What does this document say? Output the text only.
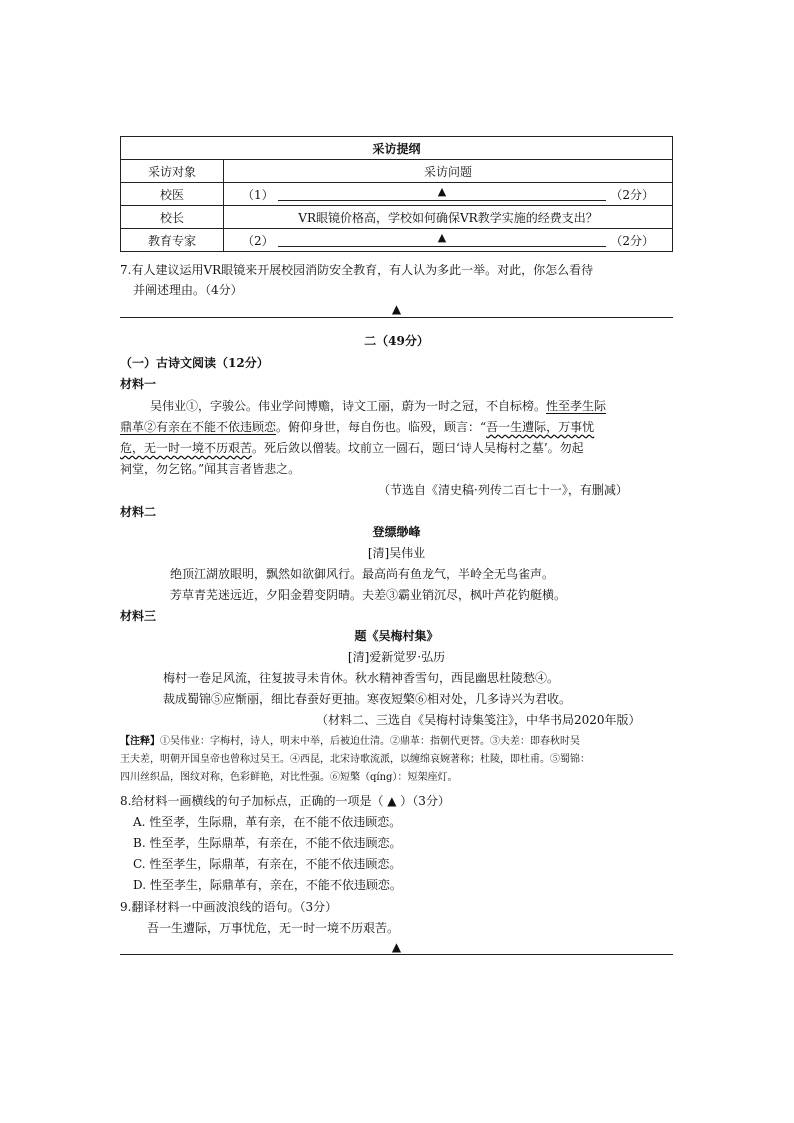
采访提纲	
采访对象	采访问题
校医	（1） ▲ （2分）

校长	VR眼镜价格高，学校如何确保VR教学实施的经费支出？
教育专家	（2） ▲ （2分）
7.有人建议运用VR眼镜来开展校园消防安全教育，有人认为多此一举。对此，你怎么看待
并阐述理由。（4分）
▲
二（49分）
（一）古诗文阅读（12分）
材料一
吴伟业①，字骏公。伟业学问博赡，诗文工丽，蔚为一时之冠，不自标榜。性至孝生际
鼎革②有亲在不能不依违顾恋。俯仰身世，每自伤也。临殁，顾言：“吾一生遭际，万事忧
危，无一时一境不历艰苦。死后敛以僧装。坟前立一圆石，题曰‘诗人吴梅村之墓’。勿起
祠堂，勿乞铭。”闻其言者皆悲之。
（节选自《清史稿·列传二百七十一》，有删减）
材料二
登缥缈峰
[清]吴伟业
绝顶江湖放眼明，飘然如欲御风行。最高尚有鱼龙气，半岭全无鸟雀声。
芳草青芜迷远近，夕阳金碧变阴晴。夫差③霸业销沉尽，枫叶芦花钓艇横。
材料三
题《吴梅村集》
[清]爱新觉罗·弘历
梅村一卷足风流，往复披寻未肯休。秋水精神香雪句，西昆幽思杜陵愁④。
裁成蜀锦⑤应惭丽，细比春蚕好更抽。寒夜短檠⑥相对处，几多诗兴为君收。
（材料二、三选自《吴梅村诗集笺注》，中华书局2020年版）
【注释】①吴伟业：字梅村，诗人，明末中举，后被迫仕清。②鼎革：指朝代更替。③夫差：即春秋时吴
王夫差，明朝开国皇帝也曾称过吴王。④西昆，北宋诗歌流派，以缠绵哀婉著称；杜陵，即杜甫。⑤蜀锦：
四川丝织品，图纹对称，色彩鲜艳，对比性强。⑥短檠（qíng）：短架座灯。
8.给材料一画横线的句子加标点，正确的一项是（ ▲ ）（3分）
A. 性至孝，生际鼎，革有亲，在不能不依违顾恋。
B. 性至孝，生际鼎革，有亲在，不能不依违顾恋。
C. 性至孝生，际鼎革，有亲在，不能不依违顾恋。
D. 性至孝生，际鼎革有，亲在，不能不依违顾恋。
9.翻译材料一中画波浪线的语句。（3分）
吾一生遭际，万事忧危，无一时一境不历艰苦。
▲
